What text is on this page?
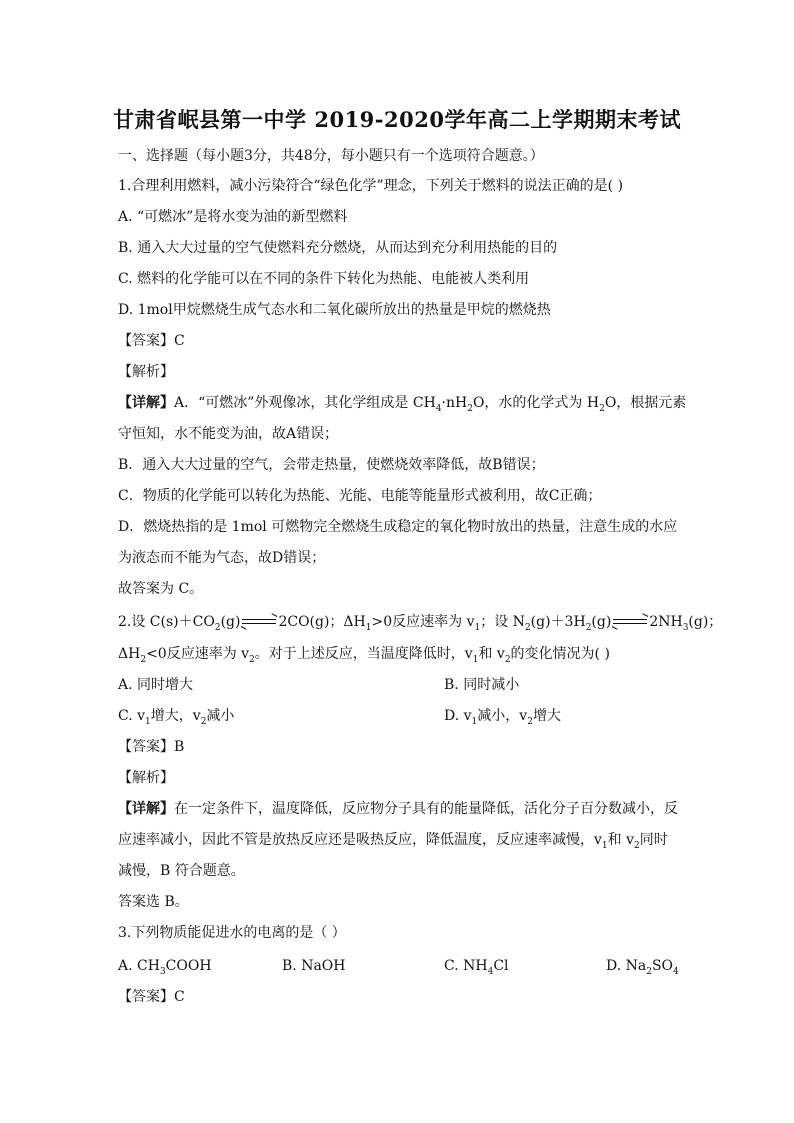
甘肃省岷县第一中学 2019-2020学年高二上学期期末考试
一、选择题（每小题3分，共48分，每小题只有一个选项符合题意。）
1.合理利用燃料，减小污染符合“绿色化学”理念，下列关于燃料的说法正确的是( )
A. “可燃冰”是将水变为油的新型燃料
B. 通入大大过量的空气使燃料充分燃烧，从而达到充分利用热能的目的
C. 燃料的化学能可以在不同的条件下转化为热能、电能被人类利用
D. 1mol甲烷燃烧生成气态水和二氧化碳所放出的热量是甲烷的燃烧热
【答案】C
【解析】
【详解】A．“可燃冰”外观像冰，其化学组成是 $CH_4\cdot nH_2O$，水的化学式为 $H_2O$，根据元素
守恒知，水不能变为油，故A错误；
B．通入大大过量的空气，会带走热量，使燃烧效率降低，故B错误；
C．物质的化学能可以转化为热能、光能、电能等能量形式被利用，故C正确；
D．燃烧热指的是 1mol 可燃物完全燃烧生成稳定的氧化物时放出的热量，注意生成的水应
为液态而不能为气态，故D错误；
故答案为 C。
2.设 $C(s)+CO_2(g)$	2CO(g)；$\Delta H_1>0$反应速率为 $v_1$；设 $N_2(g)+3H_2(g)$	$2NH_3(g)$；
$\Delta H_2<0$反应速率为 $v_2$。对于上述反应，当温度降低时，$v_1$和 $v_2$的变化情况为( )
A. 同时增大	B. 同时减小
C. $v_1$增大，$v_2$减小	D. $v_1$减小，$v_2$增大
【答案】B
【解析】
【详解】在一定条件下，温度降低，反应物分子具有的能量降低，活化分子百分数减小，反
应速率减小，因此不管是放热反应还是吸热反应，降低温度，反应速率减慢，$v_1$和 $v_2$同时
减慢，B 符合题意。
答案选 B。
3.下列物质能促进水的电离的是（ ）
A. $CH_3COOH$	B. NaOH	C. $NH_4Cl$	D. $Na_2SO_4$
【答案】C
